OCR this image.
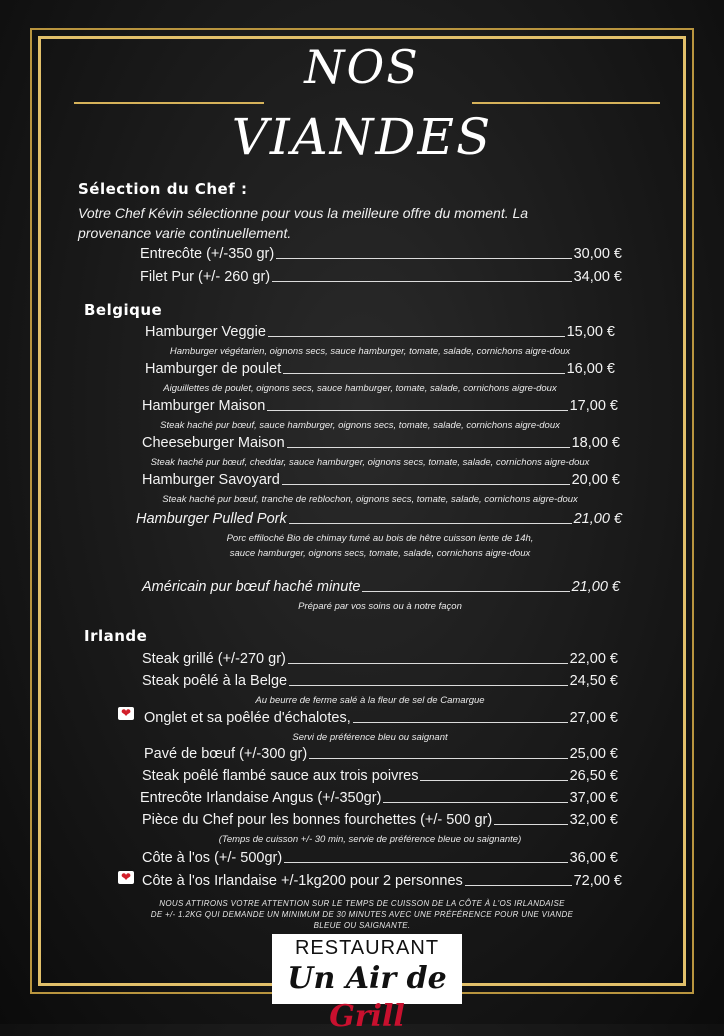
NOS
VIANDES
Sélection du Chef :
Votre Chef Kévin sélectionne pour vous la meilleure offre du moment. La
provenance varie continuellement.
Entrecôte (+/-350 gr)	30,00 €
Filet Pur (+/- 260 gr)	34,00 €
Belgique
Hamburger Veggie	15,00 €
Hamburger végétarien, oignons secs, sauce hamburger, tomate, salade, cornichons aigre-doux
Hamburger de poulet	16,00 €
Aiguillettes de poulet, oignons secs, sauce hamburger, tomate, salade, cornichons aigre-doux
Hamburger Maison	17,00 €
Steak haché pur bœuf, sauce hamburger, oignons secs, tomate, salade, cornichons aigre-doux
Cheeseburger Maison	18,00 €
Steak haché pur bœuf, cheddar, sauce hamburger, oignons secs, tomate, salade, cornichons aigre-doux
Hamburger Savoyard	20,00 €
Steak haché pur bœuf, tranche de reblochon, oignons secs, tomate, salade, cornichons aigre-doux
Hamburger Pulled Pork	21,00 €
Porc effiloché Bio de chimay fumé au bois de hêtre cuisson lente de 14h,
sauce hamburger, oignons secs, tomate, salade, cornichons aigre-doux
Américain pur bœuf haché minute	21,00 €
Préparé par vos soins ou à notre façon
Irlande
Steak grillé (+/-270 gr)	22,00 €
Steak poêlé à la Belge	24,50 €
Au beurre de ferme salé à la fleur de sel de Camargue
❤ Onglet et sa poêlée d'échalotes,	27,00 €
Servi de préférence bleu ou saignant
Pavé de bœuf (+/-300 gr)	25,00 €
Steak poêlé flambé sauce aux trois poivres	26,50 €
Entrecôte Irlandaise Angus (+/-350gr)	37,00 €
Pièce du Chef pour les bonnes fourchettes (+/- 500 gr)	32,00 €
(Temps de cuisson +/- 30 min, servie de préférence bleue ou saignante)
Côte à l'os (+/- 500gr)	36,00 €
❤ Côte à l'os Irlandaise +/-1kg200 pour 2 personnes	72,00 €
NOUS ATTIRONS VOTRE ATTENTION SUR LE TEMPS DE CUISSON DE LA CÔTE À L'OS IRLANDAISE
DE +/- 1.2KG QUI DEMANDE UN MINIMUM DE 30 MINUTES AVEC UNE PRÉFÉRENCE POUR UNE VIANDE
BLEUE OU SAIGNANTE.
RESTAURANT
Un Air de Grill
